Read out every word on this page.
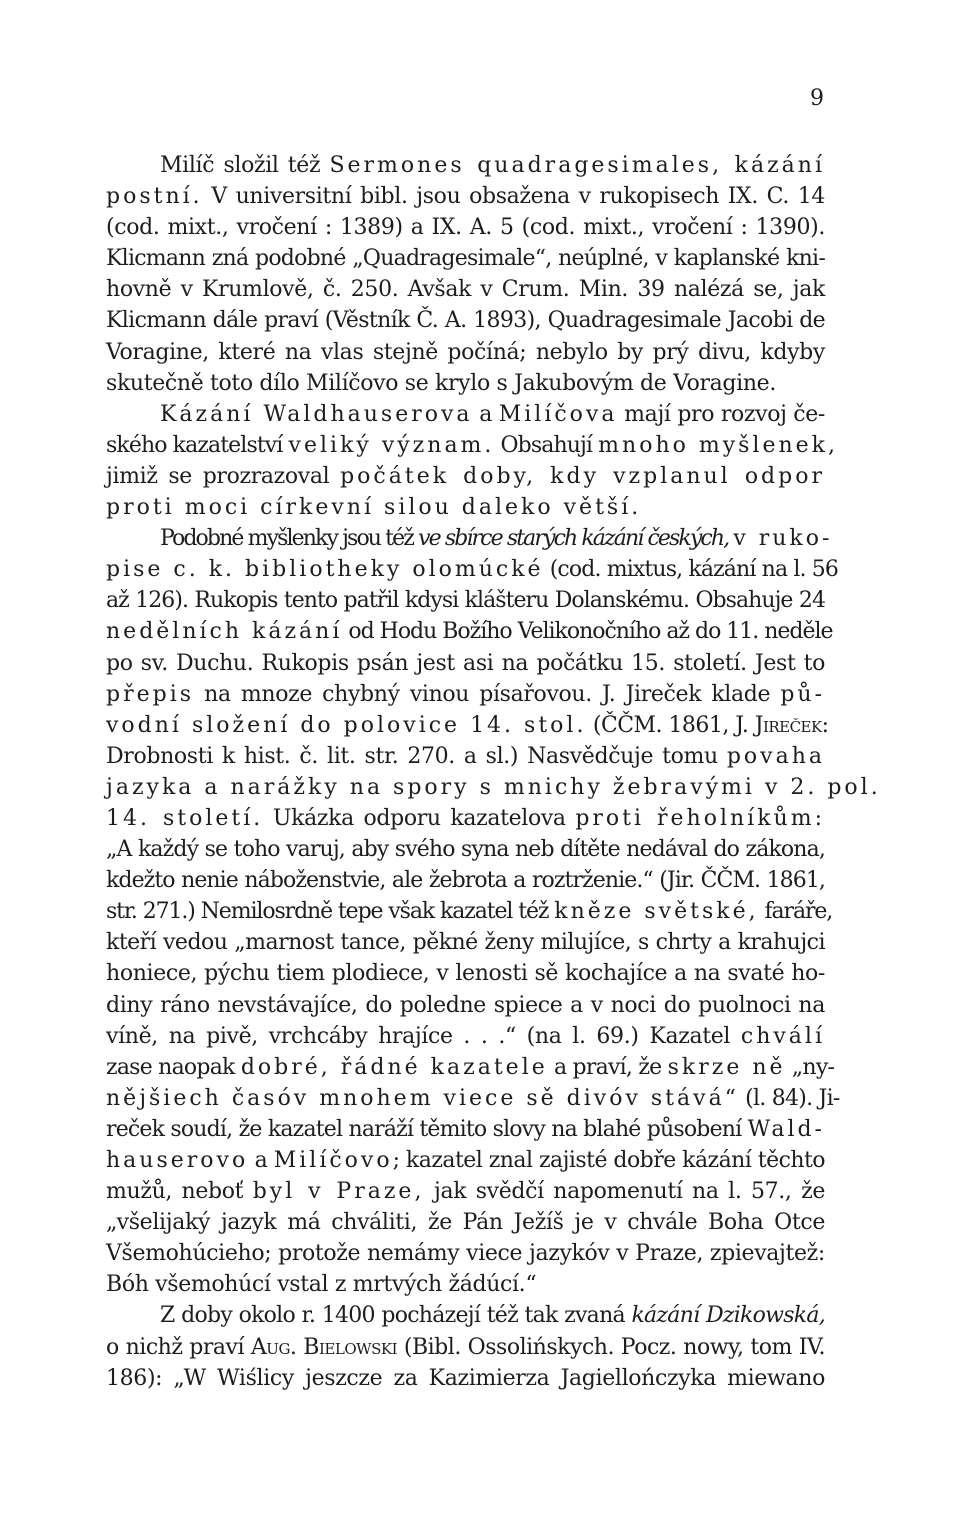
9
Milíč složil též Sermones quadragesimales, kázání
postní. V universitní bibl. jsou obsažena v rukopisech IX. C. 14
(cod. mixt., vročení : 1389) a IX. A. 5 (cod. mixt., vročení : 1390).
Klicmann zná podobné „Quadragesimale“, neúplné, v kaplanské kni-
hovně v Krumlově, č. 250. Avšak v Crum. Min. 39 nalézá se, jak
Klicmann dále praví (Věstník Č. A. 1893), Quadragesimale Jacobi de
Voragine, které na vlas stejně počíná; nebylo by prý divu, kdyby
skutečně toto dílo Milíčovo se krylo s Jakubovým de Voragine.
Kázání Waldhauserova a Milíčova mají pro rozvoj če-
ského kazatelství veliký význam. Obsahují mnoho myšlenek,
jimiž se prozrazoval počátek doby, kdy vzplanul odpor
proti moci církevní silou daleko větší.
Podobné myšlenky jsou též ve sbírce starých kázání českých, v ruko-
pise c. k. bibliotheky olomúcké (cod. mixtus, kázání na l. 56
až 126). Rukopis tento patřil kdysi klášteru Dolanskému. Obsahuje 24
nedělních kázání od Hodu Božího Velikonočního až do 11. neděle
po sv. Duchu. Rukopis psán jest asi na počátku 15. století. Jest to
přepis na mnoze chybný vinou písařovou. J. Jireček klade pů-
vodní složení do polovice 14. stol. (ČČM. 1861, J. Jireček:
Drobnosti k hist. č. lit. str. 270. a sl.) Nasvědčuje tomu povaha
jazyka a narážky na spory s mnichy žebravými v 2. pol.
14. století. Ukázka odporu kazatelova proti řeholníkům:
„A každý se toho varuj, aby svého syna neb dítěte nedával do zákona,
kdežto nenie náboženstvie, ale žebrota a roztrženie.“ (Jir. ČČM. 1861,
str. 271.) Nemilosrdně tepe však kazatel též kněze světské, faráře,
kteří vedou „marnost tance, pěkné ženy milujíce, s chrty a krahujci
honiece, pýchu tiem plodiece, v lenosti sě kochajíce a na svaté ho-
diny ráno nevstávajíce, do poledne spiece a v noci do puolnoci na
víně, na pivě, vrchcáby hrajíce . . .“ (na l. 69.) Kazatel chválí
zase naopak dobré, řádné kazatele a praví, že skrze ně „ny-
nějšiech časóv mnohem viece sě divóv stává“ (l. 84). Ji-
reček soudí, že kazatel naráží těmito slovy na blahé působení Wald-
hauserovo a Milíčovo; kazatel znal zajisté dobře kázání těchto
mužů, neboť byl v Praze, jak svědčí napomenutí na l. 57., že
„všelijaký jazyk má chváliti, že Pán Ježíš je v chvále Boha Otce
Všemohúcieho; protože nemámy viece jazykóv v Praze, zpievajtež:
Bóh všemohúcí vstal z mrtvých žádúcí.“
Z doby okolo r. 1400 pocházejí též tak zvaná kázání Dzikowská,
o nichž praví Aug. Bielowski (Bibl. Ossolińskych. Pocz. nowy, tom IV.
186): „W Wiślicy jeszcze za Kazimierza Jagiellończyka miewano
